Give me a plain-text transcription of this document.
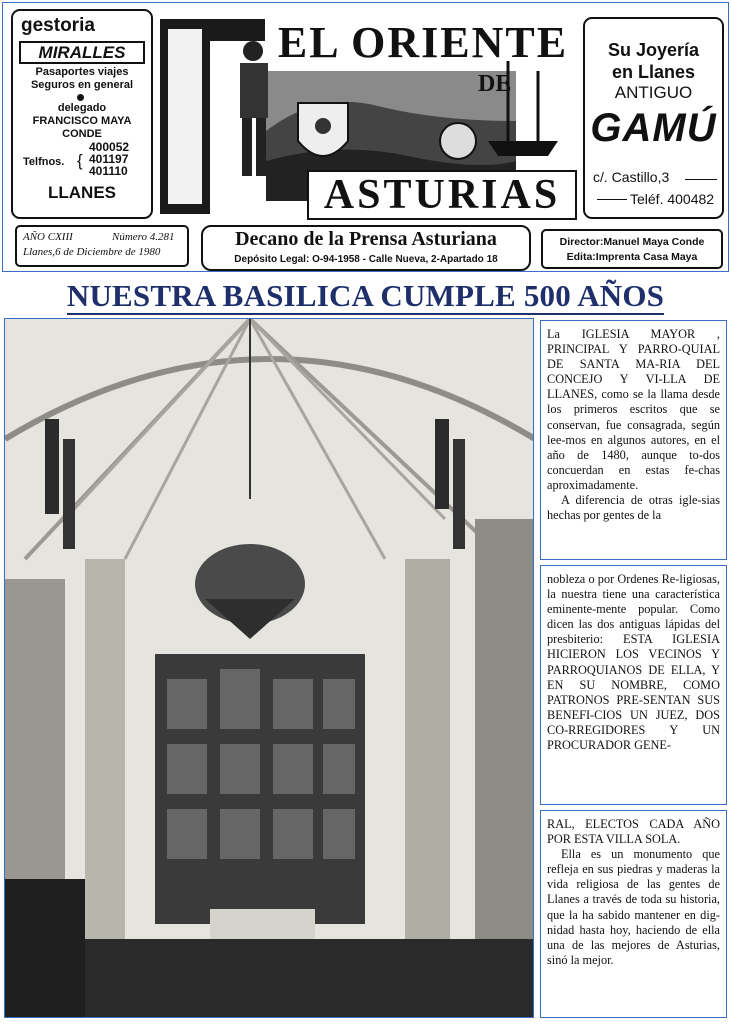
gestoria
MIRALLES
Pasaportes viajes
Seguros en general
delegado
FRANCISCO MAYA
CONDE
Telfnos. {
400052
401197
401110
LLANES
EL ORIENTE
DE
ASTURIAS
Su Joyería
en Llanes
ANTIGUO
GAMÚ
c/. Castillo,3
Teléf. 400482
AÑO CXIII	Número 4.281
Llanes,6 de Diciembre de 1980
Decano de la Prensa Asturiana
Depósito Legal: O-94-1958 - Calle Nueva, 2-Apartado 18
Director:Manuel Maya Conde
Edita:Imprenta Casa Maya
NUESTRA BASILICA CUMPLE 500 AÑOS

La IGLESIA MAYOR , PRINCIPAL Y PARRO-QUIAL DE SANTA MA-RIA DEL CONCEJO Y VI-LLA DE LLANES, como se la llama desde los primeros escritos que se conservan, fue consagrada, según lee-mos en algunos autores, en el año de 1480, aunque to-dos concuerdan en estas fe-chas aproximadamente.

A diferencia de otras igle-sias hechas por gentes de la

nobleza o por Ordenes Re-ligiosas, la nuestra tiene una característica eminente-mente popular. Como dicen las dos antiguas lápidas del presbiterio: ESTA IGLESIA HICIERON LOS VECINOS Y PARROQUIANOS DE ELLA, Y EN SU NOMBRE, COMO PATRONOS PRE-SENTAN SUS BENEFI-CIOS UN JUEZ, DOS CO-RREGIDORES Y UN PROCURADOR GENE-

RAL, ELECTOS CADA AÑO POR ESTA VILLA SOLA.

Ella es un monumento que refleja en sus piedras y maderas la vida religiosa de las gentes de Llanes a través de toda su historia, que la ha sabido mantener en dig-nidad hasta hoy, haciendo de ella una de las mejores de Asturias, sinó la mejor.
